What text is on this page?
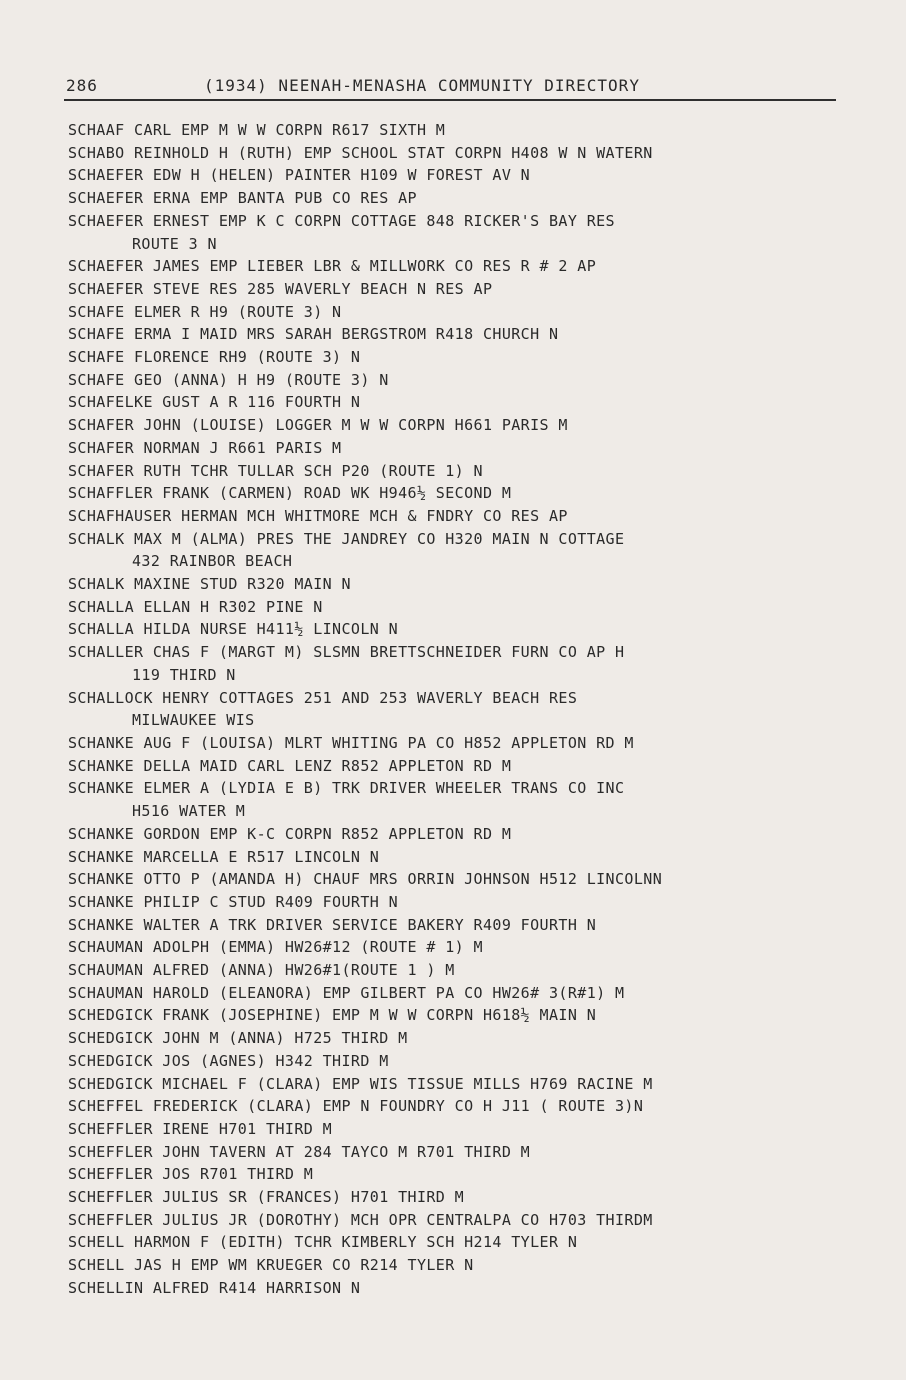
286	(1934) NEENAH-MENASHA COMMUNITY DIRECTORY
SCHAAF CARL EMP M W W CORPN R617 SIXTH M
SCHABO REINHOLD H (RUTH) EMP SCHOOL STAT CORPN H408 W N WATERN
SCHAEFER EDW H (HELEN) PAINTER H109 W FOREST AV N
SCHAEFER ERNA EMP BANTA PUB CO RES AP
SCHAEFER ERNEST EMP K C CORPN COTTAGE 848 RICKER'S BAY RES
ROUTE 3 N
SCHAEFER JAMES EMP LIEBER LBR & MILLWORK CO RES R # 2 AP
SCHAEFER STEVE RES 285 WAVERLY BEACH N RES AP
SCHAFE ELMER R H9 (ROUTE 3) N
SCHAFE ERMA I MAID MRS SARAH BERGSTROM R418 CHURCH N
SCHAFE FLORENCE RH9 (ROUTE 3) N
SCHAFE GEO (ANNA) H H9 (ROUTE 3) N
SCHAFELKE GUST A R 116 FOURTH N
SCHAFER JOHN (LOUISE) LOGGER M W W CORPN H661 PARIS M
SCHAFER NORMAN J R661 PARIS M
SCHAFER RUTH TCHR TULLAR SCH P20 (ROUTE 1) N
SCHAFFLER FRANK (CARMEN) ROAD WK H946½ SECOND M
SCHAFHAUSER HERMAN MCH WHITMORE MCH & FNDRY CO RES AP
SCHALK MAX M (ALMA) PRES THE JANDREY CO H320 MAIN N COTTAGE
432 RAINBOR BEACH
SCHALK MAXINE STUD R320 MAIN N
SCHALLA ELLAN H R302 PINE N
SCHALLA HILDA NURSE H411½ LINCOLN N
SCHALLER CHAS F (MARGT M) SLSMN BRETTSCHNEIDER FURN CO AP H
119 THIRD N
SCHALLOCK HENRY COTTAGES 251 AND 253 WAVERLY BEACH RES
MILWAUKEE WIS
SCHANKE AUG F (LOUISA) MLRT WHITING PA CO H852 APPLETON RD M
SCHANKE DELLA MAID CARL LENZ R852 APPLETON RD M
SCHANKE ELMER A (LYDIA E B) TRK DRIVER WHEELER TRANS CO INC
H516 WATER M
SCHANKE GORDON EMP K-C CORPN R852 APPLETON RD M
SCHANKE MARCELLA E R517 LINCOLN N
SCHANKE OTTO P (AMANDA H) CHAUF MRS ORRIN JOHNSON H512 LINCOLNN
SCHANKE PHILIP C STUD R409 FOURTH N
SCHANKE WALTER A TRK DRIVER SERVICE BAKERY R409 FOURTH N
SCHAUMAN ADOLPH (EMMA) HW26#12 (ROUTE # 1) M
SCHAUMAN ALFRED (ANNA) HW26#1(ROUTE 1 ) M
SCHAUMAN HAROLD (ELEANORA) EMP GILBERT PA CO HW26# 3(R#1) M
SCHEDGICK FRANK (JOSEPHINE) EMP M W W CORPN H618½ MAIN N
SCHEDGICK JOHN M (ANNA) H725 THIRD M
SCHEDGICK JOS (AGNES) H342 THIRD M
SCHEDGICK MICHAEL F (CLARA) EMP WIS TISSUE MILLS H769 RACINE M
SCHEFFEL FREDERICK (CLARA) EMP N FOUNDRY CO H J11 ( ROUTE 3)N
SCHEFFLER IRENE H701 THIRD M
SCHEFFLER JOHN TAVERN AT 284 TAYCO M R701 THIRD M
SCHEFFLER JOS R701 THIRD M
SCHEFFLER JULIUS SR (FRANCES) H701 THIRD M
SCHEFFLER JULIUS JR (DOROTHY) MCH OPR CENTRALPA CO H703 THIRDM
SCHELL HARMON F (EDITH) TCHR KIMBERLY SCH H214 TYLER N
SCHELL JAS H EMP WM KRUEGER CO R214 TYLER N
SCHELLIN ALFRED R414 HARRISON N
